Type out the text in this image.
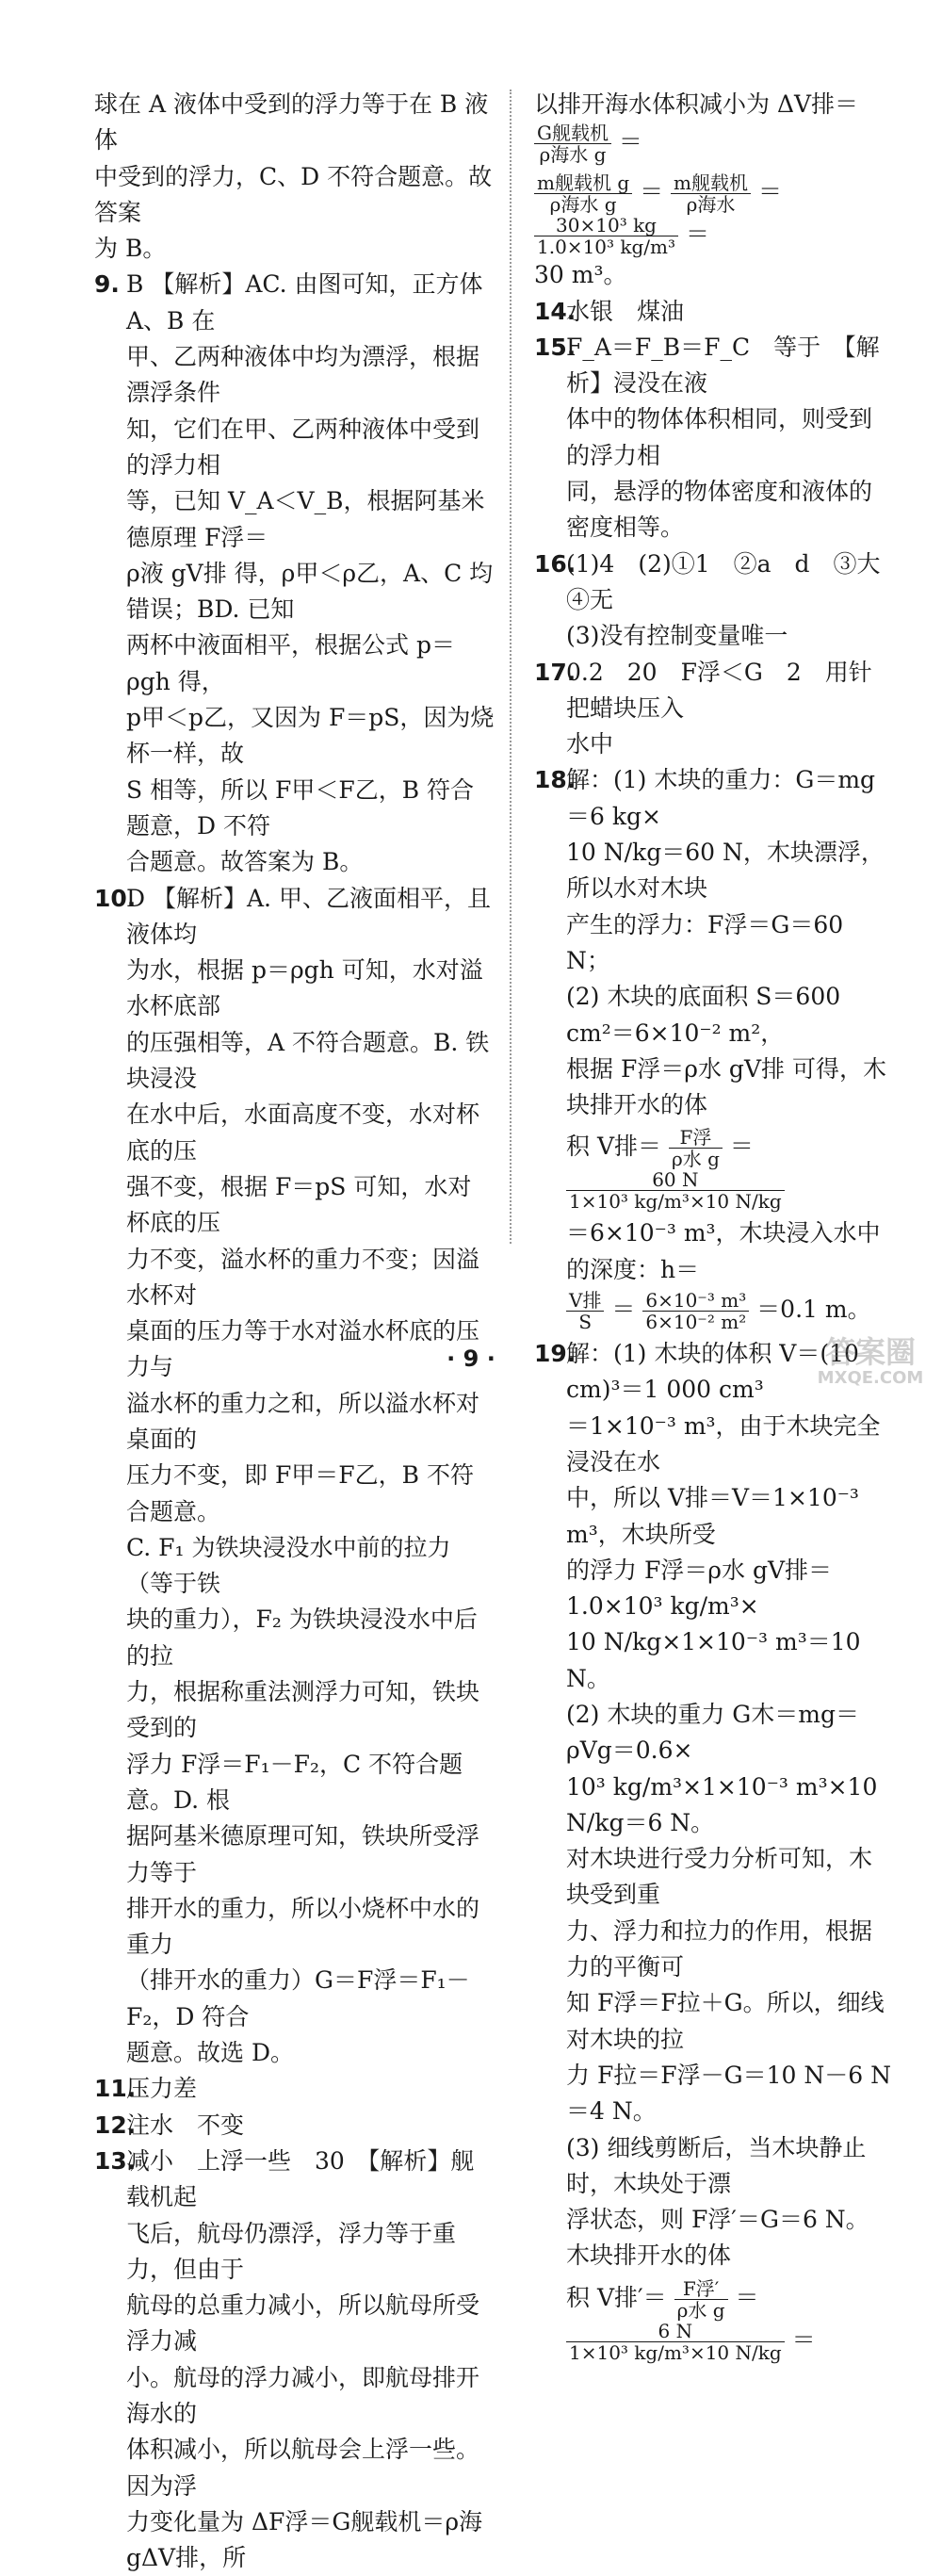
球在 A 液体中受到的浮力等于在 B 液体

中受到的浮力，C、D 不符合题意。故答案

为 B。

9. B 【解析】AC. 由图可知，正方体 A、B 在

甲、乙两种液体中均为漂浮，根据漂浮条件

知，它们在甲、乙两种液体中受到的浮力相

等，已知 V_A＜V_B，根据阿基米德原理 F浮＝

ρ液 gV排 得，ρ甲＜ρ乙，A、C 均错误；BD. 已知

两杯中液面相平，根据公式 p＝ρgh 得，

p甲＜p乙，又因为 F＝pS，因为烧杯一样，故

S 相等，所以 F甲＜F乙，B 符合题意，D 不符

合题意。故答案为 B。

10.D 【解析】A. 甲、乙液面相平，且液体均

为水，根据 p＝ρgh 可知，水对溢水杯底部

的压强相等，A 不符合题意。B. 铁块浸没

在水中后，水面高度不变，水对杯底的压

强不变，根据 F＝pS 可知，水对杯底的压

力不变，溢水杯的重力不变；因溢水杯对

桌面的压力等于水对溢水杯底的压力与

溢水杯的重力之和，所以溢水杯对桌面的

压力不变，即 F甲＝F乙，B 不符合题意。

C. F₁ 为铁块浸没水中前的拉力（等于铁

块的重力），F₂ 为铁块浸没水中后的拉

力，根据称重法测浮力可知，铁块受到的

浮力 F浮＝F₁－F₂，C 不符合题意。D. 根

据阿基米德原理可知，铁块所受浮力等于

排开水的重力，所以小烧杯中水的重力

（排开水的重力）G＝F浮＝F₁－F₂，D 符合

题意。故选 D。

11.压力差

12.注水　不变

13.减小　上浮一些　30　【解析】舰载机起

飞后，航母仍漂浮，浮力等于重力，但由于

航母的总重力减小，所以航母所受浮力减

小。航母的浮力减小，即航母排开海水的

体积减小，所以航母会上浮一些。因为浮

力变化量为 ΔF浮＝G舰载机＝ρ海 gΔV排，所

以排开海水体积减小为 ΔV排＝
$\frac{\text{G舰载机}}{\text{ρ海水 g}}$ ＝

$\frac{\text{m舰载机 g}}{\text{ρ海水 g}} = \frac{\text{m舰载机}}{\text{ρ海水}}$ ＝
$\frac{\text{30×10³ kg}}{\text{1.0×10³ kg/m³}}$ ＝

30 m³。

14.水银　煤油

15.F_A＝F_B＝F_C　等于　【解析】浸没在液

体中的物体体积相同，则受到的浮力相

同，悬浮的物体密度和液体的密度相等。

16.(1)4　(2)①1　②a　d　③大　④无

(3)没有控制变量唯一

17.0.2　20　F浮＜G　2　用针把蜡块压入

水中

18.解：(1) 木块的重力：G＝mg＝6 kg×

10 N/kg＝60 N，木块漂浮，所以水对木块

产生的浮力：F浮＝G＝60 N；

(2) 木块的底面积 S＝600 cm²＝6×10⁻² m²，

根据 F浮＝ρ水 gV排 可得，木块排开水的体

积 V排＝ $\frac{\text{F浮}}{\text{ρ水 g}}$ ＝
$\frac{60 N}{\text{1×10³ kg/m³×10 N/kg}}$

＝6×10⁻³ m³，木块浸入水中的深度：h＝

$\frac{\text{V排}}{S} = \frac{\text{6×10⁻³ m³}}{\text{6×10⁻² m²}} =0.1$ m。

19.解：(1) 木块的体积 V＝(10 cm)³＝1 000 cm³

＝1×10⁻³ m³，由于木块完全浸没在水

中，所以 V排＝V＝1×10⁻³ m³，木块所受

的浮力 F浮＝ρ水 gV排＝1.0×10³ kg/m³×

10 N/kg×1×10⁻³ m³＝10 N。

(2) 木块的重力 G木＝mg＝ρVg＝0.6×

10³ kg/m³×1×10⁻³ m³×10 N/kg＝6 N。

对木块进行受力分析可知，木块受到重

力、浮力和拉力的作用，根据力的平衡可

知 F浮＝F拉＋G。所以，细线对木块的拉

力 F拉＝F浮－G＝10 N－6 N＝4 N。

(3) 细线剪断后，当木块静止时，木块处于漂

浮状态，则 F浮′＝G＝6 N。木块排开水的体

积 V排′＝ $\frac{\text{F浮′}}{\text{ρ水 g}}$ ＝
$\frac{6 N}{\text{1×10³ kg/m³×10 N/kg}}$ ＝

· 9 ·	答案圈
MXQE.COM
